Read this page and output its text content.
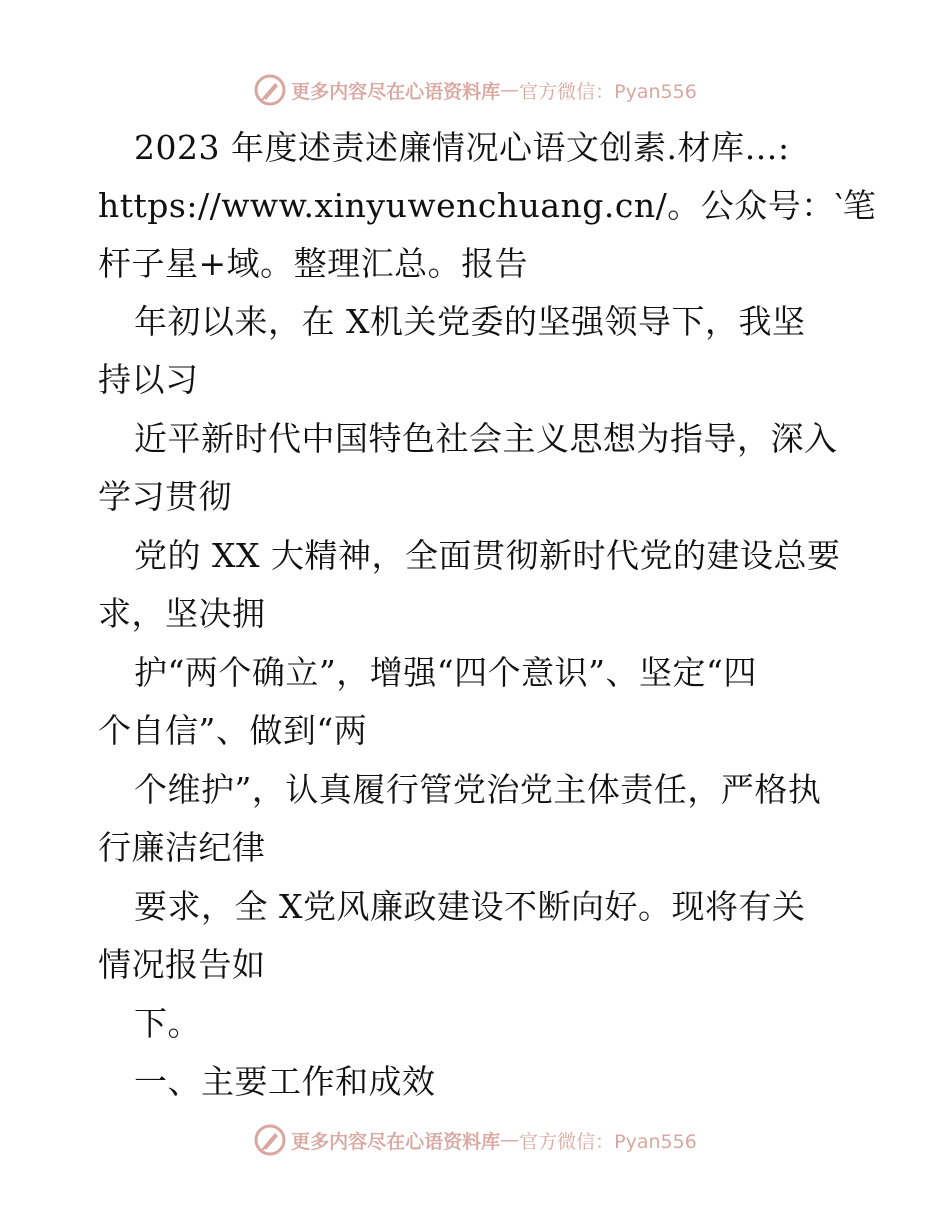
更多内容尽在心语资料库 — 官方微信：Pyan556
2023 年度述责述廉情况心语文创素.材库…:
https://www.xinyuwenchuang.cn/。公众号：‵笔
杆子星+域。整理汇总。报告
年初以来，在 X机关党委的坚强领导下，我坚
持以习
近平新时代中国特色社会主义思想为指导，深入
学习贯彻
党的 XX 大精神，全面贯彻新时代党的建设总要
求，坚决拥
护“两个确立”，增强“四个意识”、坚定“四
个自信”、做到“两
个维护”，认真履行管党治党主体责任，严格执
行廉洁纪律
要求，全 X党风廉政建设不断向好。现将有关
情况报告如
下。
一、主要工作和成效
更多内容尽在心语资料库 — 官方微信：Pyan556
